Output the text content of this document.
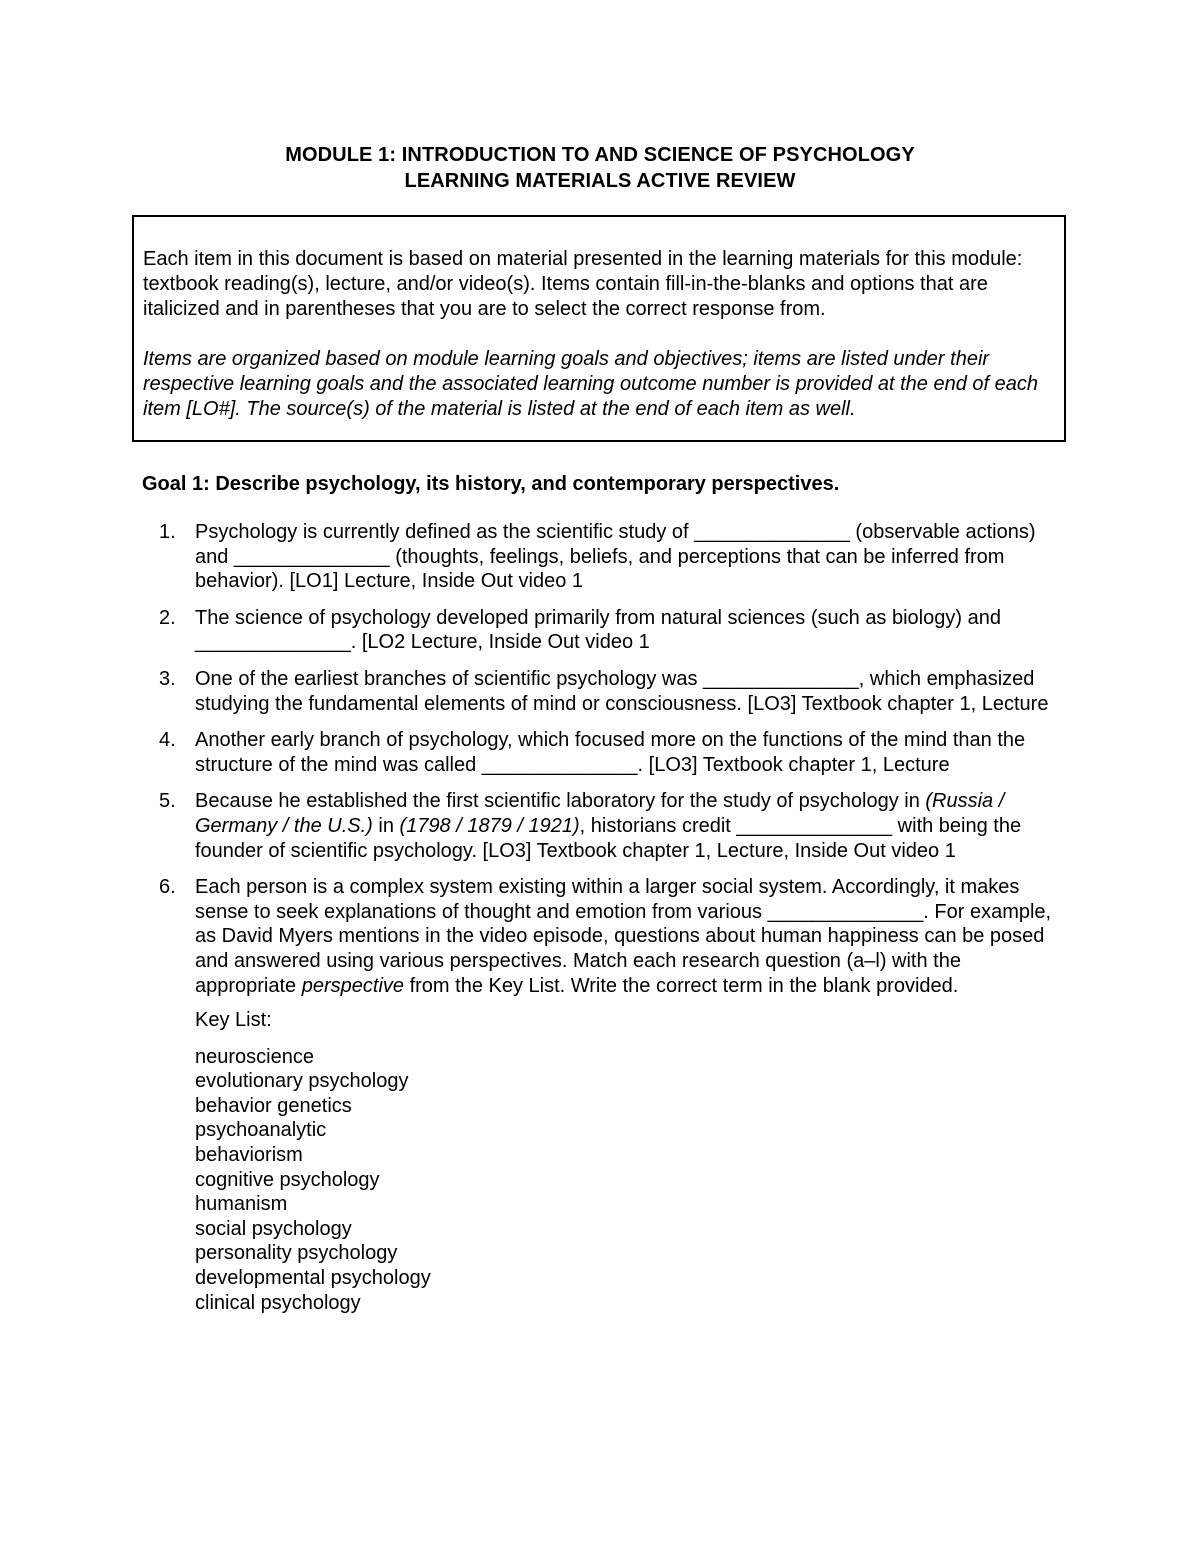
MODULE 1: INTRODUCTION TO AND SCIENCE OF PSYCHOLOGY
LEARNING MATERIALS ACTIVE REVIEW

Each item in this document is based on material presented in the learning materials for this module: textbook reading(s), lecture, and/or video(s). Items contain fill-in-the-blanks and options that are italicized and in parentheses that you are to select the correct response from.

Items are organized based on module learning goals and objectives; items are listed under their respective learning goals and the associated learning outcome number is provided at the end of each item [LO#]. The source(s) of the material is listed at the end of each item as well.

Goal 1: Describe psychology, its history, and contemporary perspectives.
1. Psychology is currently defined as the scientific study of ______________ (observable actions) and ______________ (thoughts, feelings, beliefs, and perceptions that can be inferred from behavior). [LO1] Lecture, Inside Out video 1
2. The science of psychology developed primarily from natural sciences (such as biology) and ______________. [LO2 Lecture, Inside Out video 1
3. One of the earliest branches of scientific psychology was ______________, which emphasized studying the fundamental elements of mind or consciousness. [LO3] Textbook chapter 1, Lecture
4. Another early branch of psychology, which focused more on the functions of the mind than the structure of the mind was called ______________. [LO3] Textbook chapter 1, Lecture
5. Because he established the first scientific laboratory for the study of psychology in (Russia / Germany / the U.S.) in (1798 / 1879 / 1921), historians credit ______________ with being the founder of scientific psychology. [LO3] Textbook chapter 1, Lecture, Inside Out video 1
6. Each person is a complex system existing within a larger social system. Accordingly, it makes sense to seek explanations of thought and emotion from various ______________. For example, as David Myers mentions in the video episode, questions about human happiness can be posed and answered using various perspectives. Match each research question (a–l) with the appropriate perspective from the Key List. Write the correct term in the blank provided.
Key List:
neuroscience
evolutionary psychology
behavior genetics
psychoanalytic
behaviorism
cognitive psychology
humanism
social psychology
personality psychology
developmental psychology
clinical psychology
